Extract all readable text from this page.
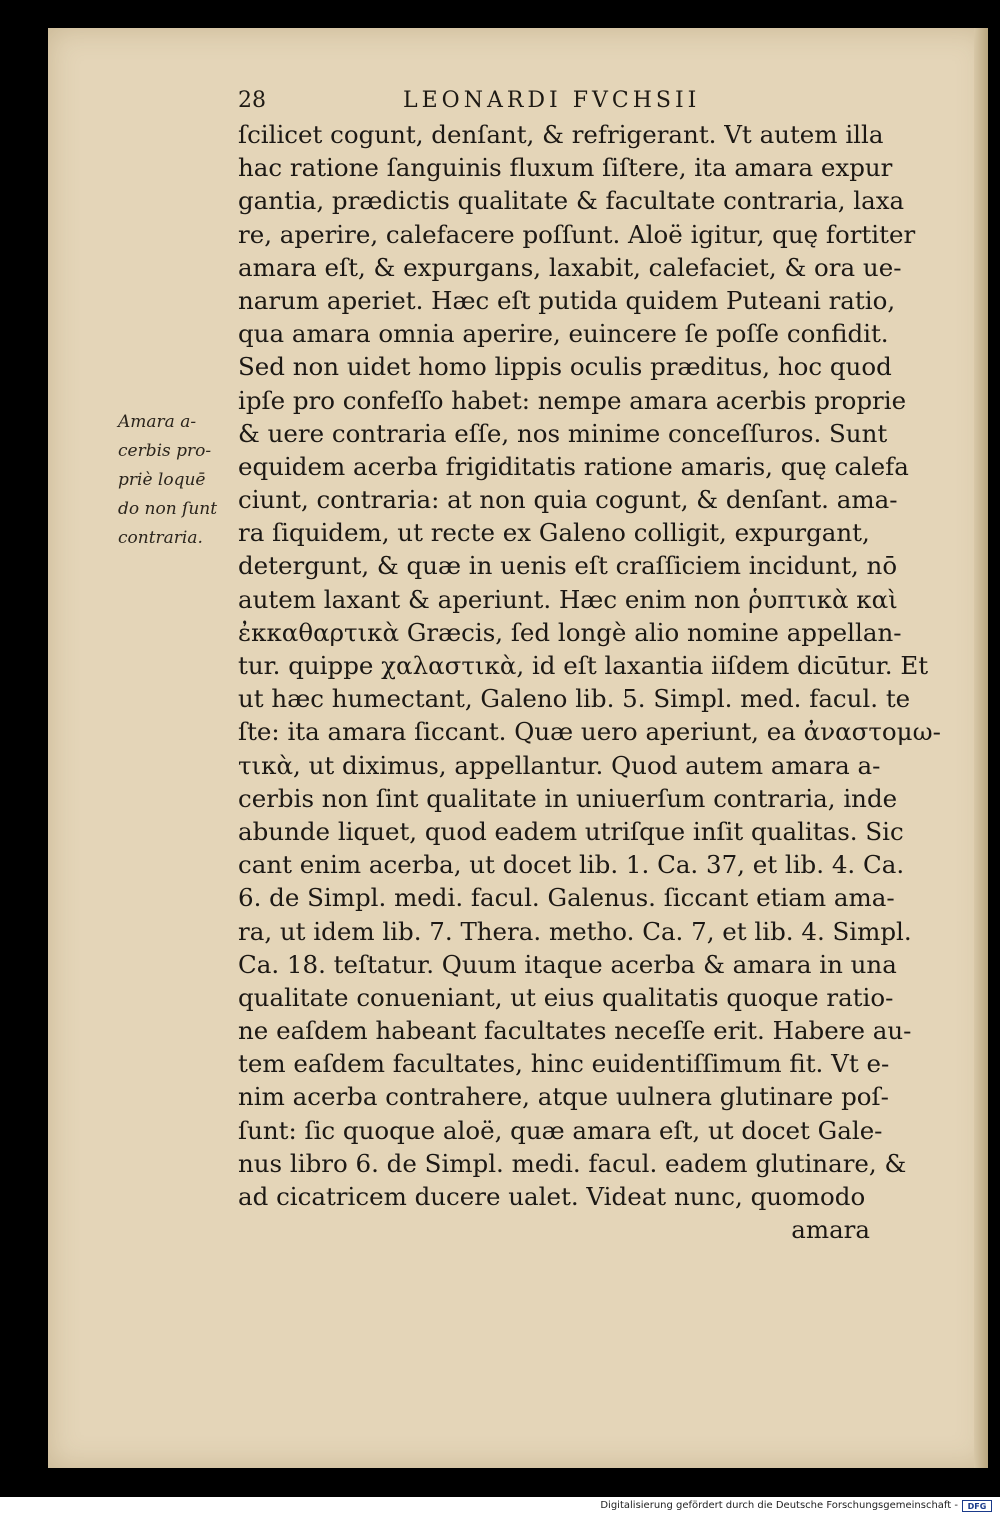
28	LEONARDI FVCHSII
Amara a-
cerbis pro-
priè loquē
do non ſunt
contraria.
ſcilicet cogunt, denſant, & refrigerant. Vt autem illa
hac ratione ſanguinis fluxum ſiſtere, ita amara expur
gantia, prædictis qualitate & facultate contraria, laxa
re, aperire, calefacere poſſunt. Aloë igitur, quę fortiter
amara eſt, & expurgans, laxabit, calefaciet, & ora ue-
narum aperiet. Hæc eſt putida quidem Puteani ratio,
qua amara omnia aperire, euincere ſe poſſe confidit.
Sed non uidet homo lippis oculis præditus, hoc quod
ipſe pro confeſſo habet: nempe amara acerbis proprie
& uere contraria eſſe, nos minime conceſſuros. Sunt
equidem acerba frigiditatis ratione amaris, quę calefa
ciunt, contraria: at non quia cogunt, & denſant. ama-
ra ſiquidem, ut recte ex Galeno colligit, expurgant,
detergunt, & quæ in uenis eſt craſſiciem incidunt, nō
autem laxant & aperiunt. Hæc enim non ῥυπτικὰ καὶ
ἐκκαθαρτικὰ Græcis, ſed longè alio nomine appellan-
tur. quippe χαλαστικὰ, id eſt laxantia iiſdem dicūtur. Et
ut hæc humectant, Galeno lib. 5. Simpl. med. facul. te
ſte: ita amara ſiccant. Quæ uero aperiunt, ea ἀναστομω-
τικὰ, ut diximus, appellantur. Quod autem amara a-
cerbis non ſint qualitate in uniuerſum contraria, inde
abunde liquet, quod eadem utriſque inſit qualitas. Sic
cant enim acerba, ut docet lib. 1. Ca. 37, et lib. 4. Ca.
6. de Simpl. medi. facul. Galenus. ſiccant etiam ama-
ra, ut idem lib. 7. Thera. metho. Ca. 7, et lib. 4. Simpl.
Ca. 18. teſtatur. Quum itaque acerba & amara in una
qualitate conueniant, ut eius qualitatis quoque ratio-
ne eaſdem habeant facultates neceſſe erit. Habere au-
tem eaſdem facultates, hinc euidentiſſimum fit. Vt e-
nim acerba contrahere, atque uulnera glutinare poſ-
ſunt: ſic quoque aloë, quæ amara eſt, ut docet Gale-
nus libro 6. de Simpl. medi. facul. eadem glutinare, &
ad cicatricem ducere ualet. Videat nunc, quomodo
amara
Digitalisierung gefördert durch die Deutsche Forschungsgemeinschaft -	DFG
